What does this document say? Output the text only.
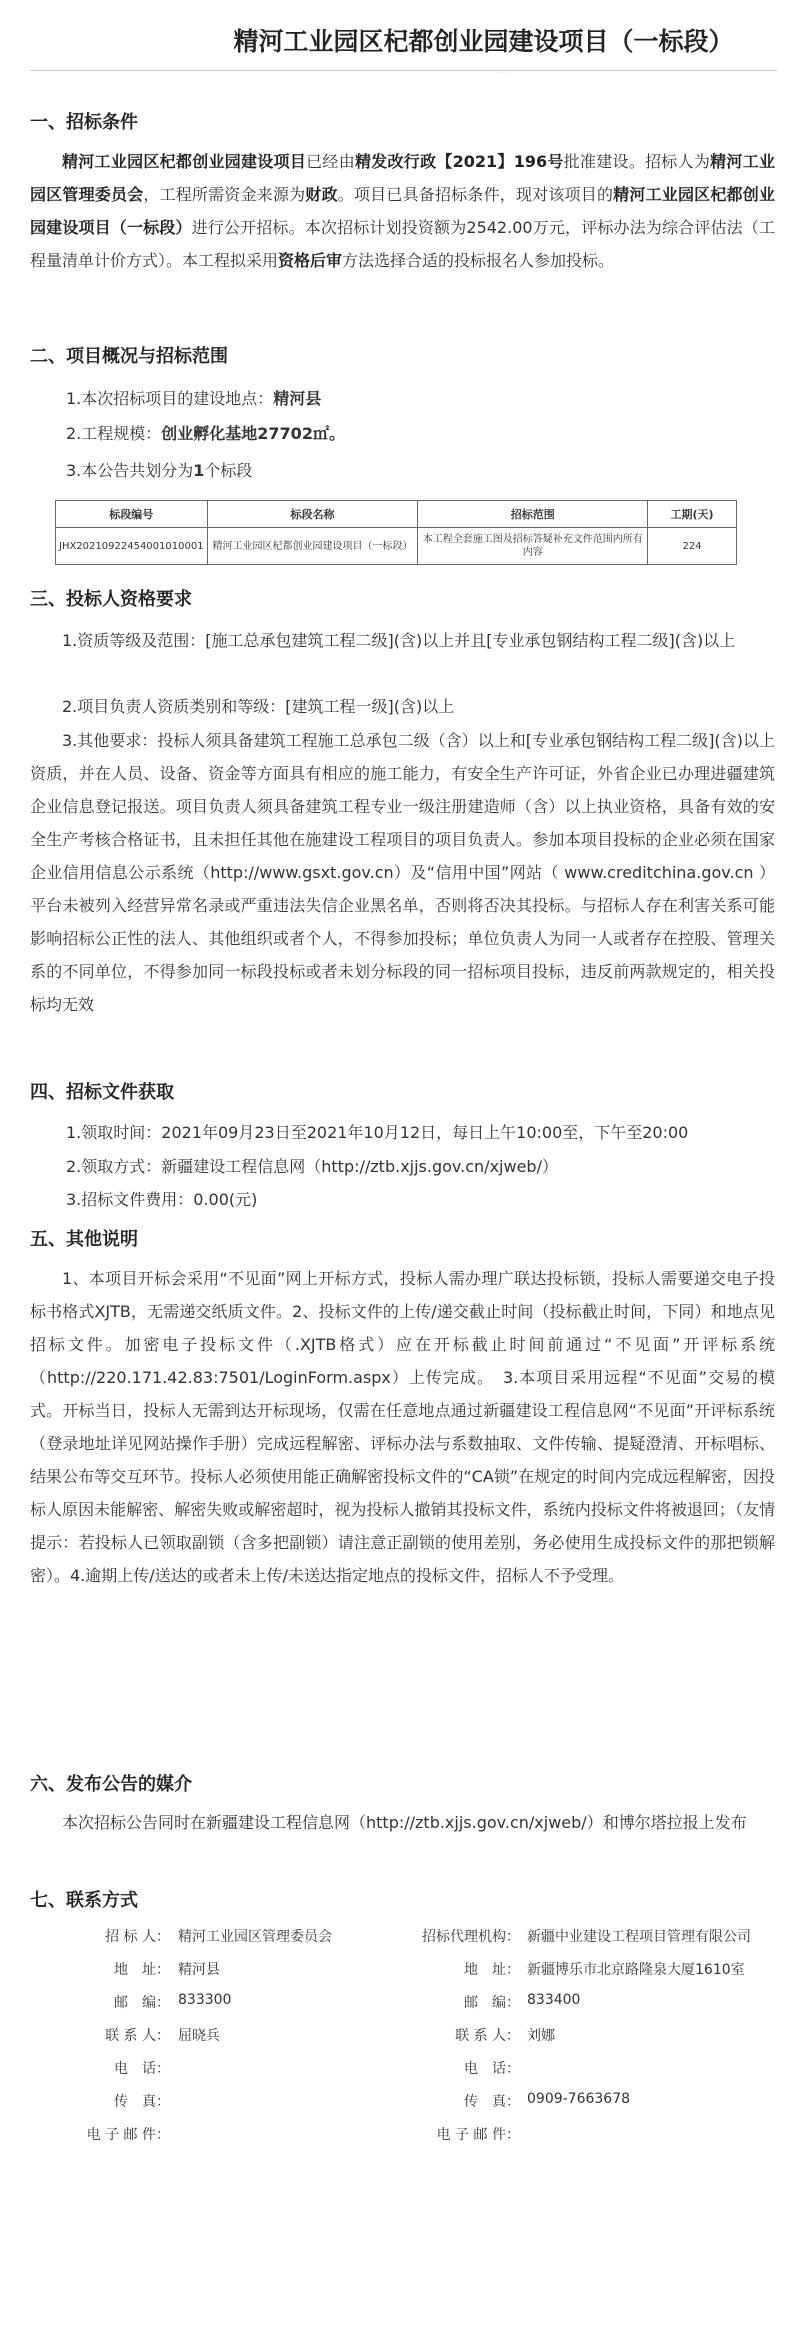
精河工业园区杞都创业园建设项目（一标段）
· · ·
一、招标条件
精河工业园区杞都创业园建设项目已经由精发改行政【2021】196号批准建设。招标人为精河工业园区管理委员会，工程所需资金来源为财政。项目已具备招标条件，现对该项目的精河工业园区杞都创业园建设项目（一标段）进行公开招标。本次招标计划投资额为2542.00万元，评标办法为综合评估法（工程量清单计价方式）。本工程拟采用资格后审方法选择合适的投标报名人参加投标。
二、项目概况与招标范围
1.本次招标项目的建设地点：精河县
2.工程规模：创业孵化基地27702㎡。
3.本公告共划分为1个标段
标段编号	标段名称	招标范围	工期(天)
JHX20210922454001010001	精河工业园区杞都创业园建设项目（一标段）	本工程全套施工图及招标答疑补充文件范围内所有内容	224
三、投标人资格要求
1.资质等级及范围：[施工总承包建筑工程二级](含)以上并且[专业承包钢结构工程二级](含)以上
2.项目负责人资质类别和等级：[建筑工程一级](含)以上
3.其他要求：投标人须具备建筑工程施工总承包二级（含）以上和[专业承包钢结构工程二级](含)以上资质，并在人员、设备、资金等方面具有相应的施工能力，有安全生产许可证，外省企业已办理进疆建筑企业信息登记报送。项目负责人须具备建筑工程专业一级注册建造师（含）以上执业资格，具备有效的安全生产考核合格证书，且未担任其他在施建设工程项目的项目负责人。参加本项目投标的企业必须在国家企业信用信息公示系统（http://www.gsxt.gov.cn）及“信用中国”网站（ www.creditchina.gov.cn ）平台未被列入经营异常名录或严重违法失信企业黑名单，否则将否决其投标。与招标人存在利害关系可能影响招标公正性的法人、其他组织或者个人，不得参加投标；单位负责人为同一人或者存在控股、管理关系的不同单位，不得参加同一标段投标或者未划分标段的同一招标项目投标，违反前两款规定的，相关投标均无效
四、招标文件获取
1.领取时间：2021年09月23日至2021年10月12日，每日上午10:00至，下午至20:00
2.领取方式：新疆建设工程信息网（http://ztb.xjjs.gov.cn/xjweb/）
3.招标文件费用：0.00(元)
五、其他说明
1、本项目开标会采用“不见面”网上开标方式，投标人需办理广联达投标锁，投标人需要递交电子投标书格式XJTB，无需递交纸质文件。2、投标文件的上传/递交截止时间（投标截止时间，下同）和地点见招标文件。加密电子投标文件（.XJTB格式）应在开标截止时间前通过“不见面”开评标系统（http://220.171.42.83:7501/LoginForm.aspx）上传完成。　3.本项目采用远程“不见面”交易的模式。开标当日，投标人无需到达开标现场，仅需在任意地点通过新疆建设工程信息网“不见面”开评标系统（登录地址详见网站操作手册）完成远程解密、评标办法与系数抽取、文件传输、提疑澄清、开标唱标、结果公布等交互环节。投标人必须使用能正确解密投标文件的“CA锁”在规定的时间内完成远程解密，因投标人原因未能解密、解密失败或解密超时，视为投标人撤销其投标文件，系统内投标文件将被退回；（友情提示：若投标人已领取副锁（含多把副锁）请注意正副锁的使用差别，务必使用生成投标文件的那把锁解密）。4.逾期上传/送达的或者未上传/未送达指定地点的投标文件，招标人不予受理。
六、发布公告的媒介
本次招标公告同时在新疆建设工程信息网（http://ztb.xjjs.gov.cn/xjweb/）和博尔塔拉报上发布
七、联系方式
招 标 人： 精河工业园区管理委员会
地　址： 精河县
邮　编： 833300
联 系 人： 屈晓兵
电　话：
传　真：
电 子 邮 件：
招标代理机构： 新疆中业建设工程项目管理有限公司
地　址： 新疆博乐市北京路隆泉大厦1610室
邮　编： 833400
联 系 人： 刘娜
电　话：
传　真： 0909-7663678
电 子 邮 件：
